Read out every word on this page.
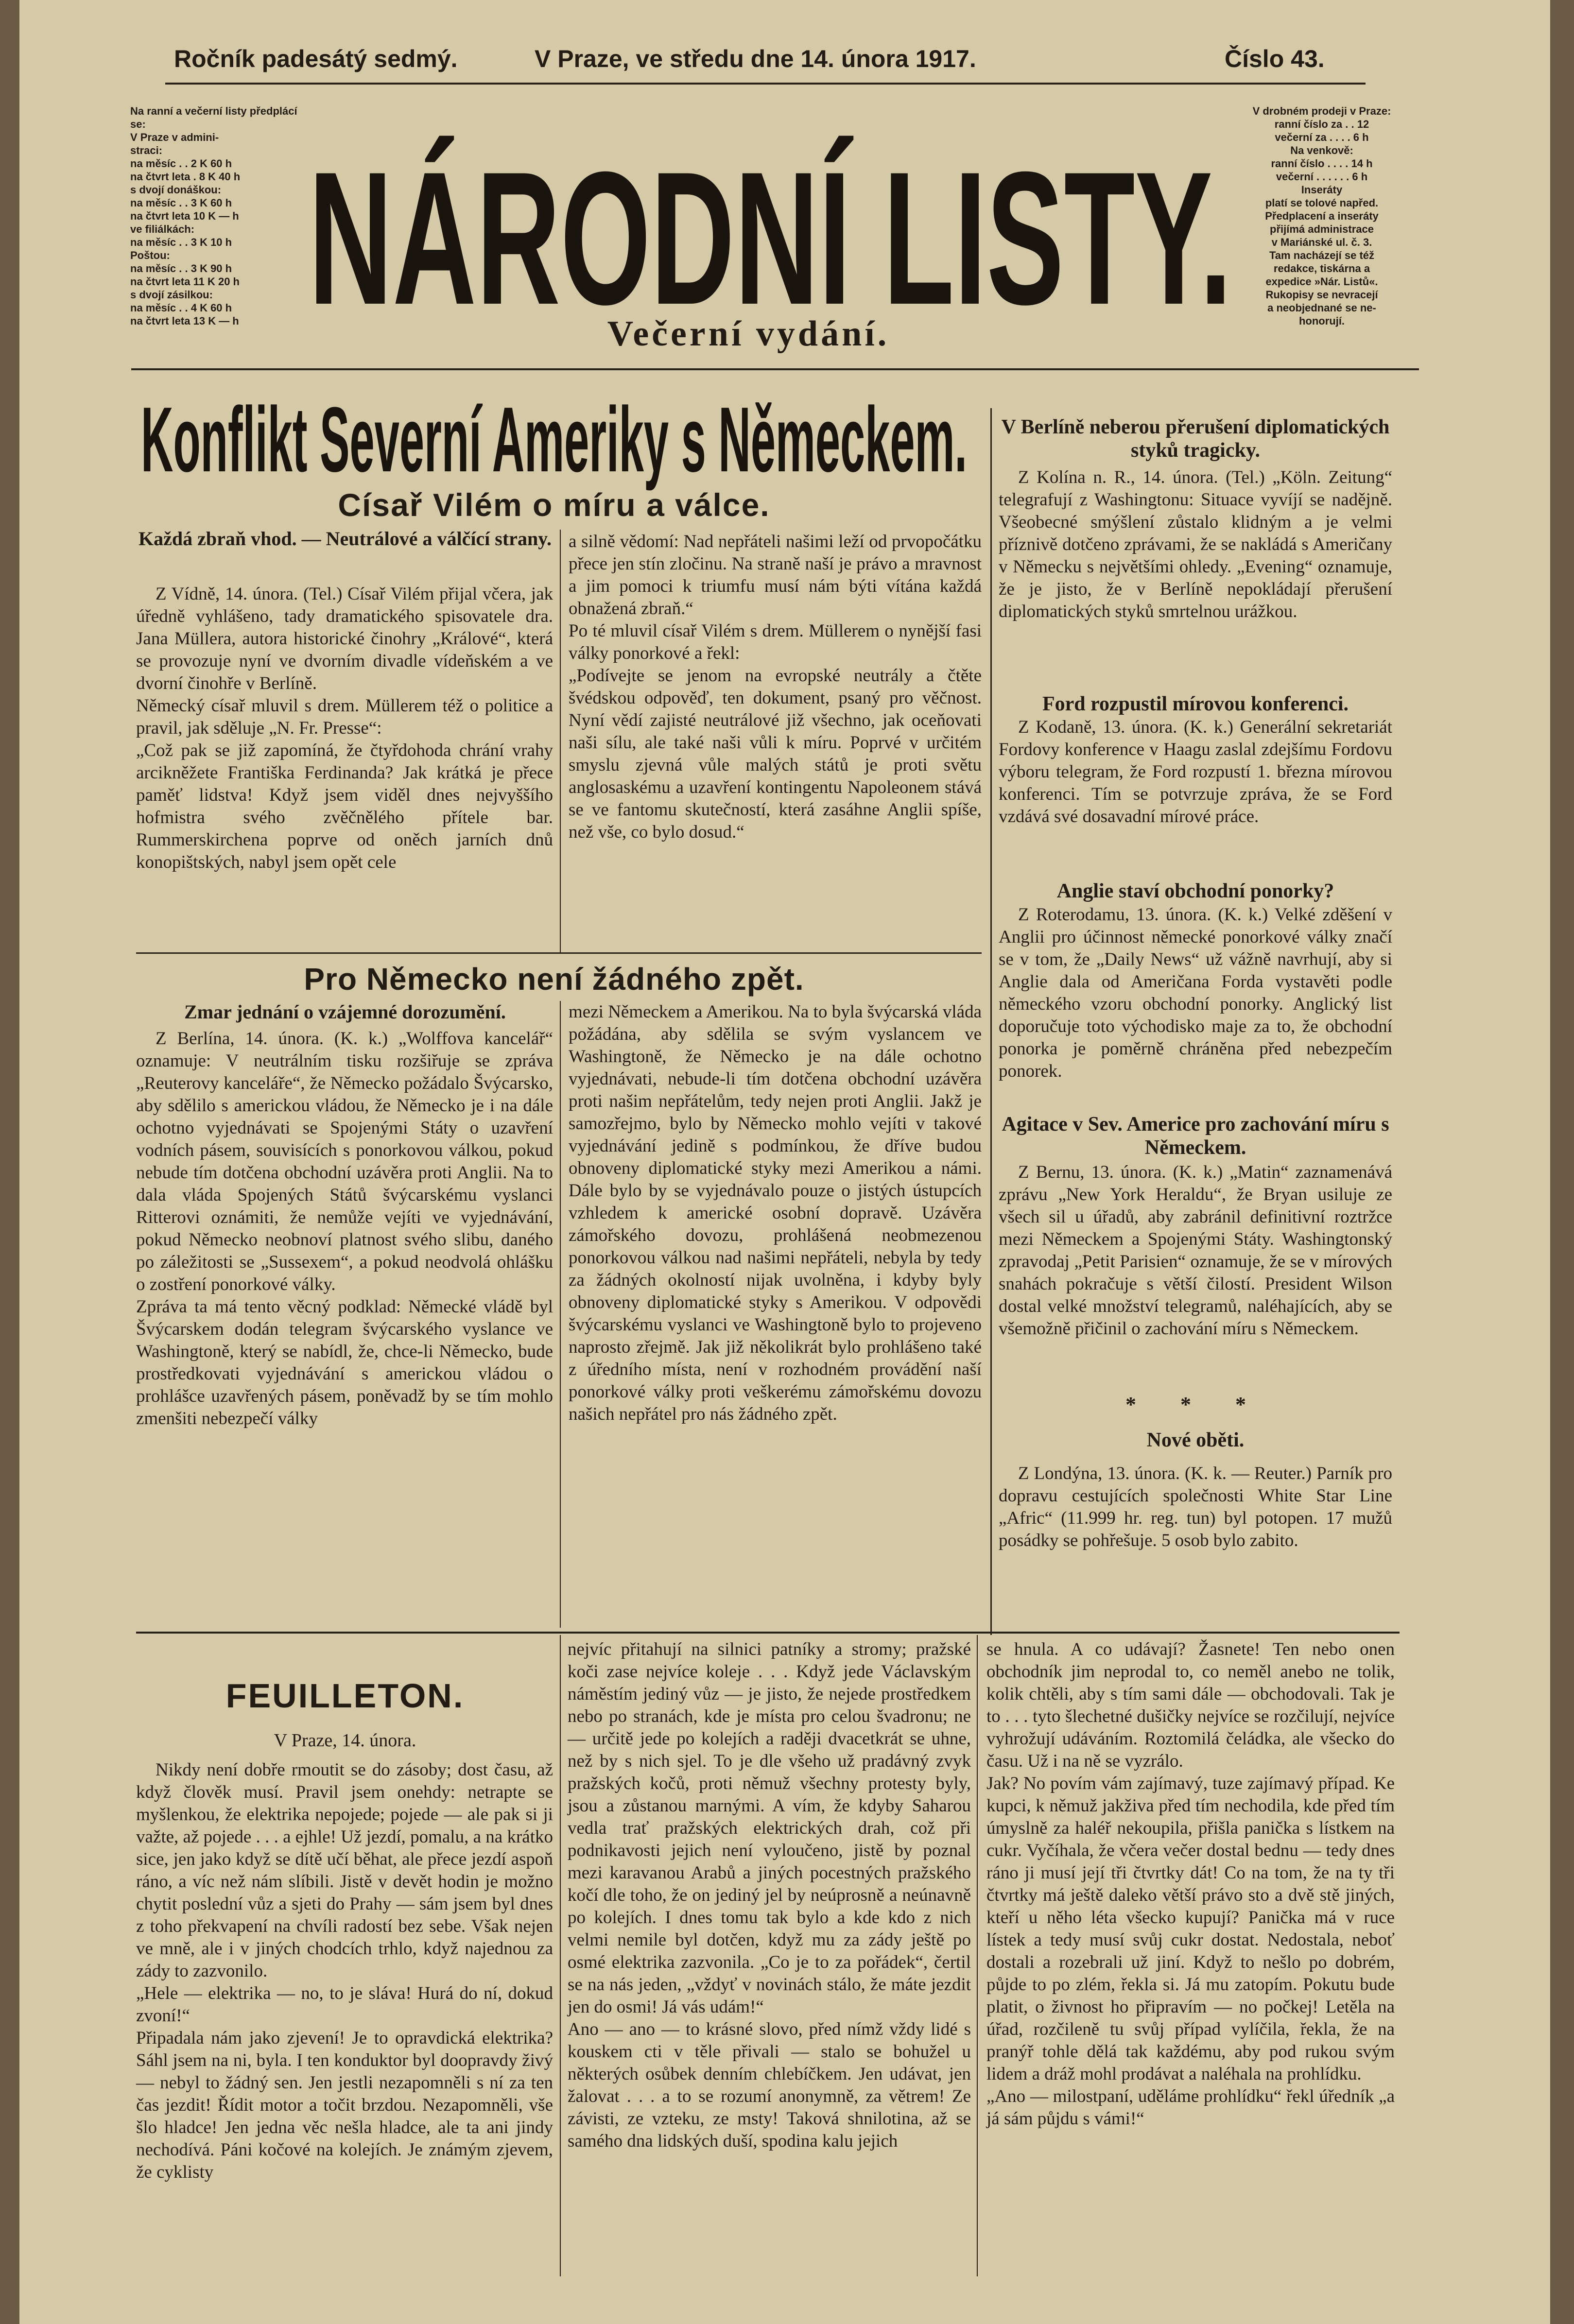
Ročník padesátý sedmý.	V Praze, ve středu dne 14. února 1917.	Číslo 43.
Na ranní a večerní listy předplácí se:
V Praze v admini-
straci:
na měsíc . . 2 K 60 h
na čtvrt leta . 8 K 40 h
s dvojí donáškou:
na měsíc . . 3 K 60 h
na čtvrt leta 10 K — h
ve filiálkách:
na měsíc . . 3 K 10 h
Poštou:
na měsíc . . 3 K 90 h
na čtvrt leta 11 K 20 h
s dvojí zásilkou:
na měsíc . . 4 K 60 h
na čtvrt leta 13 K — h
V drobném prodeji v Praze:
ranní číslo za . . 12
večerní za . . . . 6 h
Na venkově:
ranní číslo . . . . 14 h
večerní . . . . . . 6 h
Inseráty
platí se tolové napřed.
Předplacení a inseráty
přijímá administrace
v Mariánské ul. č. 3.
Tam nacházejí se též
redakce, tiskárna a
expedice »Nár. Listů«.
Rukopisy se nevracejí
a neobjednané se ne-
honorují.
NÁRODNÍ LISTY.
Večerní vydání.
Konflikt Severní Ameriky s Německem.
Císař Vilém o míru a válce.
Každá zbraň vhod. — Neutrálové a válčící strany.
Z Vídně, 14. února. (Tel.) Císař Vilém přijal včera, jak úředně vyhlášeno, tady dramatického spisovatele dra. Jana Müllera, autora historické činohry „Králové“, která se provozuje nyní ve dvorním divadle vídeňském a ve dvorní činohře v Berlíně.
Německý císař mluvil s drem. Müllerem též o politice a pravil, jak sděluje „N. Fr. Presse“:
„Což pak se již zapomíná, že čtyřdohoda chrání vrahy arcikněžete Františka Ferdinanda? Jak krátká je přece paměť lidstva! Když jsem viděl dnes nejvyššího hofmistra svého zvěčnělého přítele bar. Rummerskirchena poprve od oněch jarních dnů konopištských, nabyl jsem opět cele
a silně vědomí: Nad nepřáteli našimi leží od prvopočátku přece jen stín zločinu. Na straně naší je právo a mravnost a jim pomoci k triumfu musí nám býti vítána každá obnažená zbraň.“
Po té mluvil císař Vilém s drem. Müllerem o nynější fasi války ponorkové a řekl:
„Podívejte se jenom na evropské neutrály a čtěte švédskou odpověď, ten dokument, psaný pro věčnost. Nyní vědí zajisté neutrálové již všechno, jak oceňovati naši sílu, ale také naši vůli k míru. Poprvé v určitém smyslu zjevná vůle malých států je proti světu anglosaskému a uzavření kontingentu Napoleonem stává se ve fantomu skutečností, která zasáhne Anglii spíše, než vše, co bylo dosud.“
Pro Německo není žádného zpět.
Zmar jednání o vzájemné dorozumění.
Z Berlína, 14. února. (K. k.) „Wolffova kancelář“ oznamuje: V neutrálním tisku rozšiřuje se zpráva „Reuterovy kanceláře“, že Německo požádalo Švýcarsko, aby sdělilo s americkou vládou, že Německo je i na dále ochotno vyjednávati se Spojenými Státy o uzavření vodních pásem, souvisících s ponorkovou válkou, pokud nebude tím dotčena obchodní uzávěra proti Anglii. Na to dala vláda Spojených Států švýcarskému vyslanci Ritterovi oznámiti, že nemůže vejíti ve vyjednávání, pokud Německo neobnoví platnost svého slibu, daného po záležitosti se „Sussexem“, a pokud neodvolá ohlášku o zostření ponorkové války.
Zpráva ta má tento věcný podklad: Německé vládě byl Švýcarskem dodán telegram švýcarského vyslance ve Washingtoně, který se nabídl, že, chce-li Německo, bude prostředkovati vyjednávání s americkou vládou o prohlášce uzavřených pásem, poněvadž by se tím mohlo zmenšiti nebezpečí války
mezi Německem a Amerikou. Na to byla švýcarská vláda požádána, aby sdělila se svým vyslancem ve Washingtoně, že Německo je na dále ochotno vyjednávati, nebude-li tím dotčena obchodní uzávěra proti našim nepřátelům, tedy nejen proti Anglii. Jakž je samozřejmo, bylo by Německo mohlo vejíti v takové vyjednávání jedině s podmínkou, že dříve budou obnoveny diplomatické styky mezi Amerikou a námi. Dále bylo by se vyjednávalo pouze o jistých ústupcích vzhledem k americké osobní dopravě. Uzávěra zámořského dovozu, prohlášená neobmezenou ponorkovou válkou nad našimi nepřáteli, nebyla by tedy za žádných okolností nijak uvolněna, i kdyby byly obnoveny diplomatické styky s Amerikou. V odpovědi švýcarskému vyslanci ve Washingtoně bylo to projeveno naprosto zřejmě. Jak již několikrát bylo prohlášeno také z úředního místa, není v rozhodném provádění naší ponorkové války proti veškerému zámořskému dovozu našich nepřátel pro nás žádného zpět.
V Berlíně neberou přerušení diplomatických styků tragicky.
Z Kolína n. R., 14. února. (Tel.) „Köln. Zeitung“ telegrafují z Washingtonu: Situace vyvíjí se nadějně. Všeobecné smýšlení zůstalo klidným a je velmi příznivě dotčeno zprávami, že se nakládá s Američany v Německu s největšími ohledy. „Evening“ oznamuje, že je jisto, že v Berlíně nepokládají přerušení diplomatických styků smrtelnou urážkou.
Ford rozpustil mírovou konferenci.
Z Kodaně, 13. února. (K. k.) Generální sekretariát Fordovy konference v Haagu zaslal zdejšímu Fordovu výboru telegram, že Ford rozpustí 1. března mírovou konferenci. Tím se potvrzuje zpráva, že se Ford vzdává své dosavadní mírové práce.
Anglie staví obchodní ponorky?
Z Roterodamu, 13. února. (K. k.) Velké zděšení v Anglii pro účinnost německé ponorkové války značí se v tom, že „Daily News“ už vážně navrhují, aby si Anglie dala od Američana Forda vystavěti podle německého vzoru obchodní ponorky. Anglický list doporučuje toto východisko maje za to, že obchodní ponorka je poměrně chráněna před nebezpečím ponorek.
Agitace v Sev. Americe pro zachování míru s Německem.
Z Bernu, 13. února. (K. k.) „Matin“ zaznamenává zprávu „New York Heraldu“, že Bryan usiluje ze všech sil u úřadů, aby zabránil definitivní roztržce mezi Německem a Spojenými Státy. Washingtonský zpravodaj „Petit Parisien“ oznamuje, že se v mírových snahách pokračuje s větší čilostí. President Wilson dostal velké množství telegramů, naléhajících, aby se všemožně přičinil o zachování míru s Německem.
* * *
Nové oběti.
Z Londýna, 13. února. (K. k. — Reuter.) Parník pro dopravu cestujících společnosti White Star Line „Afric“ (11.999 hr. reg. tun) byl potopen. 17 mužů posádky se pohřešuje. 5 osob bylo zabito.
FEUILLETON.
V Praze, 14. února.
Nikdy není dobře rmoutit se do zásoby; dost času, až když člověk musí. Pravil jsem onehdy: netrapte se myšlenkou, že elektrika nepojede; pojede — ale pak si ji važte, až pojede . . . a ejhle! Už jezdí, pomalu, a na krátko sice, jen jako když se dítě učí běhat, ale přece jezdí aspoň ráno, a víc než nám slíbili. Jistě v devět hodin je možno chytit poslední vůz a sjeti do Prahy — sám jsem byl dnes z toho překvapení na chvíli radostí bez sebe. Však nejen ve mně, ale i v jiných chodcích trhlo, když najednou za zády to zazvonilo.
„Hele — elektrika — no, to je sláva! Hurá do ní, dokud zvoní!“
Připadala nám jako zjevení! Je to opravdická elektrika? Sáhl jsem na ni, byla. I ten konduktor byl doopravdy živý — nebyl to žádný sen. Jen jestli nezapomněli s ní za ten čas jezdit! Řídit motor a točit brzdou. Nezapomněli, vše šlo hladce! Jen jedna věc nešla hladce, ale ta ani jindy nechodívá. Páni kočové na kolejích. Je známým zjevem, že cyklisty
nejvíc přitahují na silnici patníky a stromy; pražské koči zase nejvíce koleje . . . Když jede Václavským náměstím jediný vůz — je jisto, že nejede prostředkem nebo po stranách, kde je místa pro celou švadronu; ne — určitě jede po kolejích a raději dvacetkrát se uhne, než by s nich sjel. To je dle všeho už pradávný zvyk pražských kočů, proti němuž všechny protesty byly, jsou a zůstanou marnými. A vím, že kdyby Saharou vedla trať pražských elektrických drah, což při podnikavosti jejich není vyloučeno, jistě by poznal mezi karavanou Arabů a jiných pocestných pražského kočí dle toho, že on jediný jel by neúprosně a neúnavně po kolejích. I dnes tomu tak bylo a kde kdo z nich velmi nemile byl dotčen, když mu za zády ještě po osmé elektrika zazvonila. „Co je to za pořádek“, čertil se na nás jeden, „vždyť v novinách stálo, že máte jezdit jen do osmi! Já vás udám!“
Ano — ano — to krásné slovo, před nímž vždy lidé s kouskem cti v těle přivali — stalo se bohužel u některých osůbek denním chlebíčkem. Jen udávat, jen žalovat . . . a to se rozumí anonymně, za větrem! Ze závisti, ze vzteku, ze msty! Taková shnilotina, až se samého dna lidských duší, spodina kalu jejich
se hnula. A co udávají? Žasnete! Ten nebo onen obchodník jim neprodal to, co neměl anebo ne tolik, kolik chtěli, aby s tím sami dále — obchodovali. Tak je to . . . tyto šlechetné dušičky nejvíce se rozčilují, nejvíce vyhrožují udáváním. Roztomilá čeládka, ale všecko do času. Už i na ně se vyzrálo.
Jak? No povím vám zajímavý, tuze zajímavý případ. Ke kupci, k němuž jakživa před tím nechodila, kde před tím úmyslně za haléř nekoupila, přišla panička s lístkem na cukr. Vyčíhala, že včera večer dostal bednu — tedy dnes ráno ji musí její tři čtvrtky dát! Co na tom, že na ty tři čtvrtky má ještě daleko větší právo sto a dvě stě jiných, kteří u něho léta všecko kupují? Panička má v ruce lístek a tedy musí svůj cukr dostat. Nedostala, neboť dostali a rozebrali už jiní. Když to nešlo po dobrém, půjde to po zlém, řekla si. Já mu zatopím. Pokutu bude platit, o živnost ho připravím — no počkej! Letěla na úřad, rozčileně tu svůj případ vylíčila, řekla, že na pranýř tohle dělá tak každému, aby pod rukou svým lidem a dráž mohl prodávat a naléhala na prohlídku.
„Ano — milostpaní, uděláme prohlídku“ řekl úředník „a já sám půjdu s vámi!“
